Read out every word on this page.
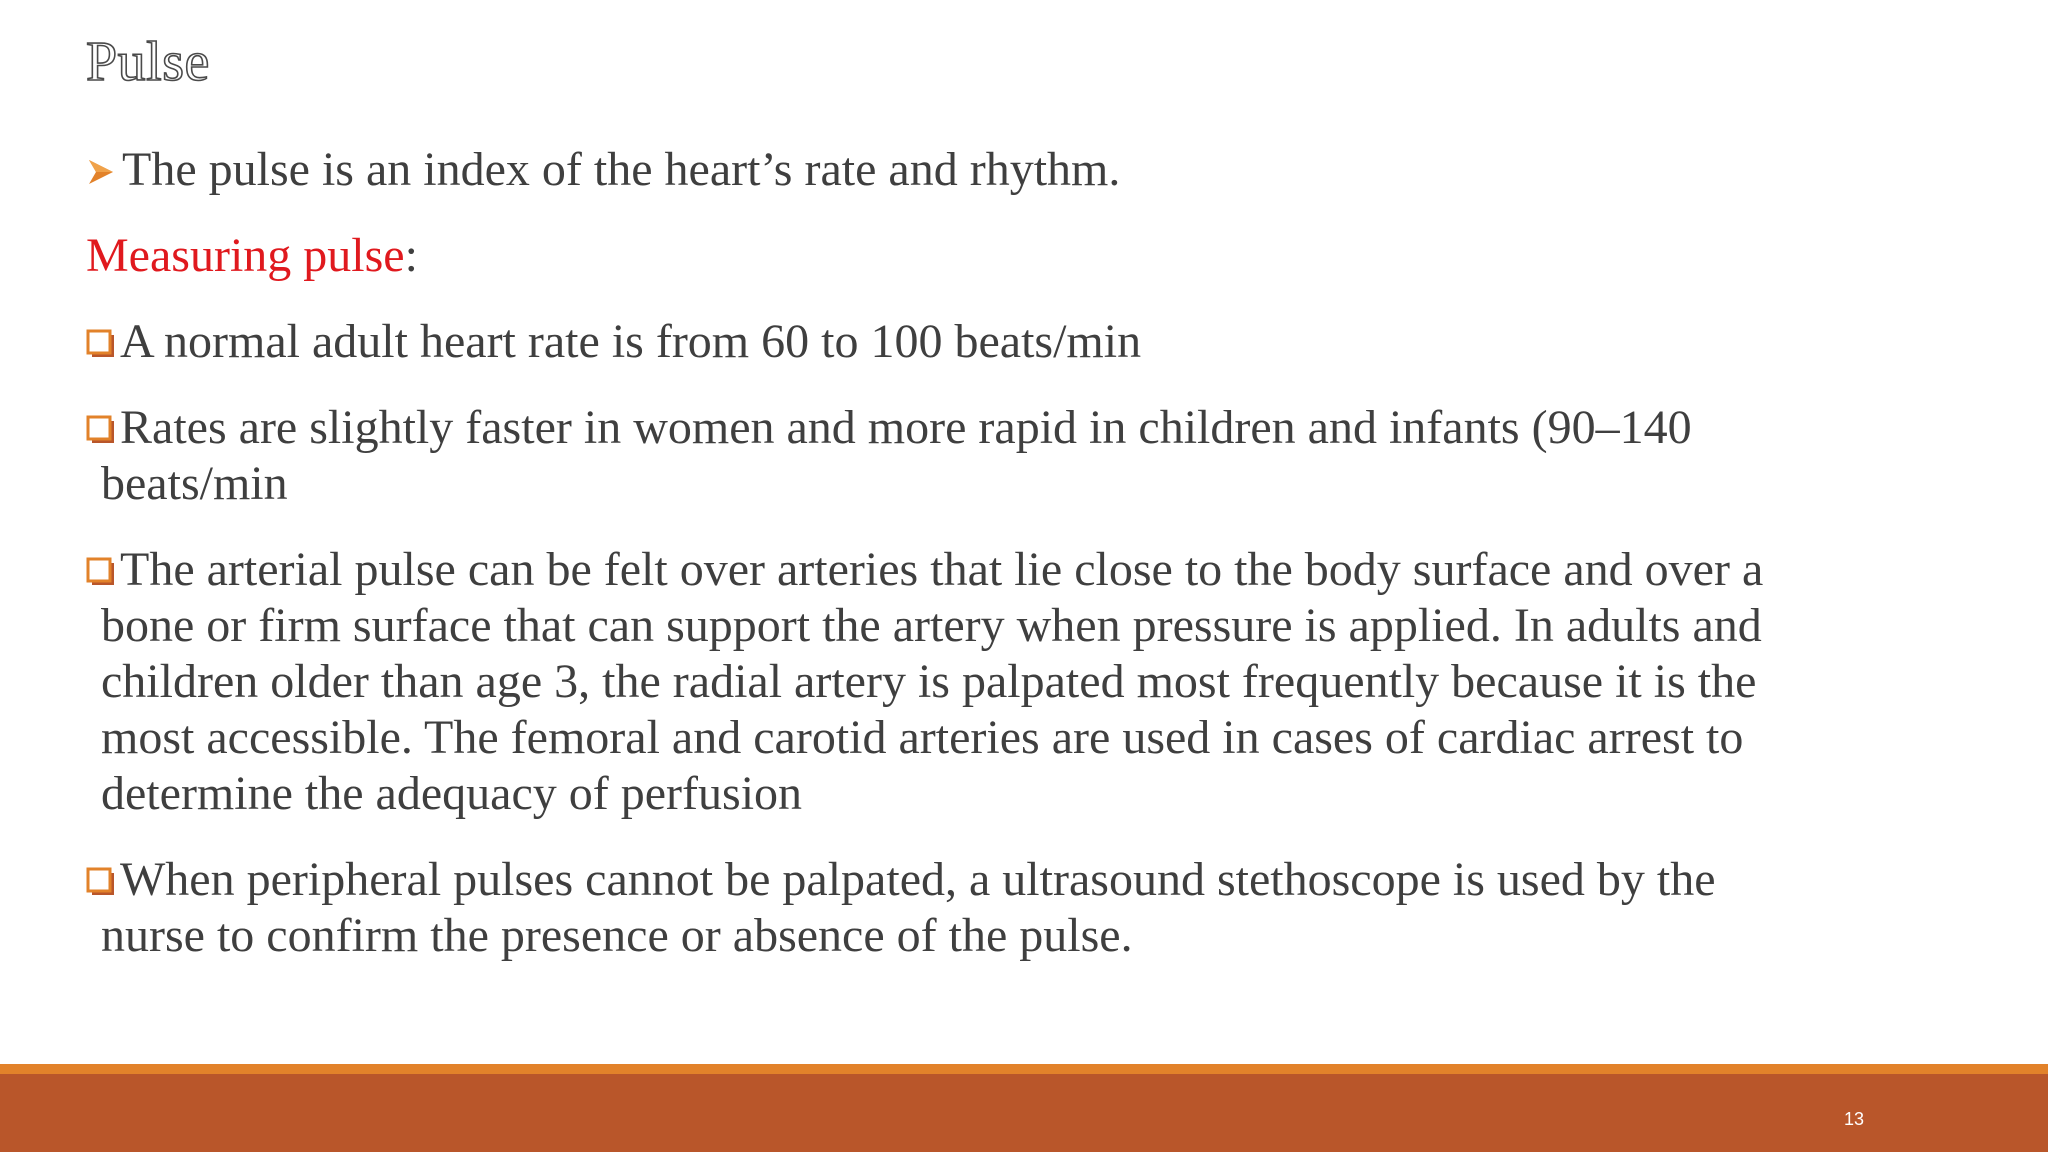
Pulse

The pulse is an index of the heart’s rate and rhythm.

Measuring pulse:

A normal adult heart rate is from 60 to 100 beats/min

Rates are slightly faster in women and more rapid in children and infants (90–140 beats/min

The arterial pulse can be felt over arteries that lie close to the body surface and over a bone or firm surface that can support the artery when pressure is applied. In adults and children older than age 3, the radial artery is palpated most frequently because it is the most accessible. The femoral and carotid arteries are used in cases of cardiac arrest to determine the adequacy of perfusion

When peripheral pulses cannot be palpated, a ultrasound stethoscope is used by the nurse to confirm the presence or absence of the pulse.

13
